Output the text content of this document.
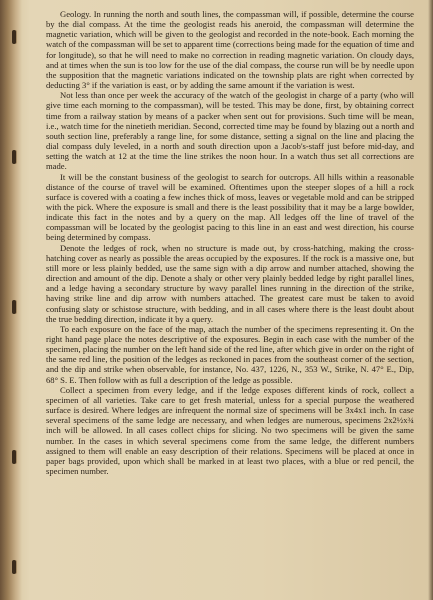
Geology. In running the north and south lines, the compassman will, if possible, determine the course by the dial compass. At the time the geologist reads his aneroid, the compassman will determine the magnetic variation, which will be given to the geologist and recorded in the note-book. Each morning the watch of the compassman will be set to apparent time (corrections being made for the equation of time and for longitude), so that he will need to make no correction in reading magnetic variation. On cloudy days, and at times when the sun is too low for the use of the dial compass, the course run will be by needle upon the supposition that the magnetic variations indicated on the township plats are right when corrected by deducting 3° if the variation is east, or by adding the same amount if the variation is west.

Not less than once per week the accuracy of the watch of the geologist in charge of a party (who will give time each morning to the compassman), will be tested. This may be done, first, by obtaining correct time from a railway station by means of a packer when sent out for provisions. Such time will be mean, i.e., watch time for the ninetieth meridian. Second, corrected time may be found by blazing out a north and south section line, preferably a range line, for some distance, setting a signal on the line and placing the dial compass duly leveled, in a north and south direction upon a Jacob's-staff just before mid-day, and setting the watch at 12 at the time the line strikes the noon hour. In a watch thus set all corrections are made.

It will be the constant business of the geologist to search for outcrops. All hills within a reasonable distance of the course of travel will be examined. Oftentimes upon the steeper slopes of a hill a rock surface is covered with a coating a few inches thick of moss, leaves or vegetable mold and can be stripped with the pick. Where the exposure is small and there is the least possibility that it may be a large bowlder, indicate this fact in the notes and by a query on the map. All ledges off the line of travel of the compassman will be located by the geologist pacing to this line in an east and west direction, his course being determined by compass.

Denote the ledges of rock, when no structure is made out, by cross-hatching, making the cross-hatching cover as nearly as possible the areas occupied by the exposures. If the rock is a massive one, but still more or less plainly bedded, use the same sign with a dip arrow and number attached, showing the direction and amount of the dip. Denote a shaly or other very plainly bedded ledge by right parallel lines, and a ledge having a secondary structure by wavy parallel lines running in the direction of the strike, having strike line and dip arrow with numbers attached. The greatest care must be taken to avoid confusing slaty or schistose structure, with bedding, and in all cases where there is the least doubt about the true bedding direction, indicate it by a query.

To each exposure on the face of the map, attach the number of the specimens representing it. On the right hand page place the notes descriptive of the exposures. Begin in each case with the number of the specimen, placing the number on the left hand side of the red line, after which give in order on the right of the same red line, the position of the ledges as reckoned in paces from the southeast corner of the section, and the dip and strike when observable, for instance, No. 437, 1226, N., 353 W., Strike, N. 47° E., Dip, 68° S. E. Then follow with as full a description of the ledge as possible.

Collect a specimen from every ledge, and if the ledge exposes different kinds of rock, collect a specimen of all varieties. Take care to get fresh material, unless for a special purpose the weathered surface is desired. Where ledges are infrequent the normal size of specimens will be 3x4x1 inch. In case several specimens of the same ledge are necessary, and when ledges are numerous, specimens 2x2½x¾ inch will be allowed. In all cases collect chips for slicing. No two specimens will be given the same number. In the cases in which several specimens come from the same ledge, the different numbers assigned to them will enable an easy description of their relations. Specimens will be placed at once in paper bags provided, upon which shall be marked in at least two places, with a blue or red pencil, the specimen number.
